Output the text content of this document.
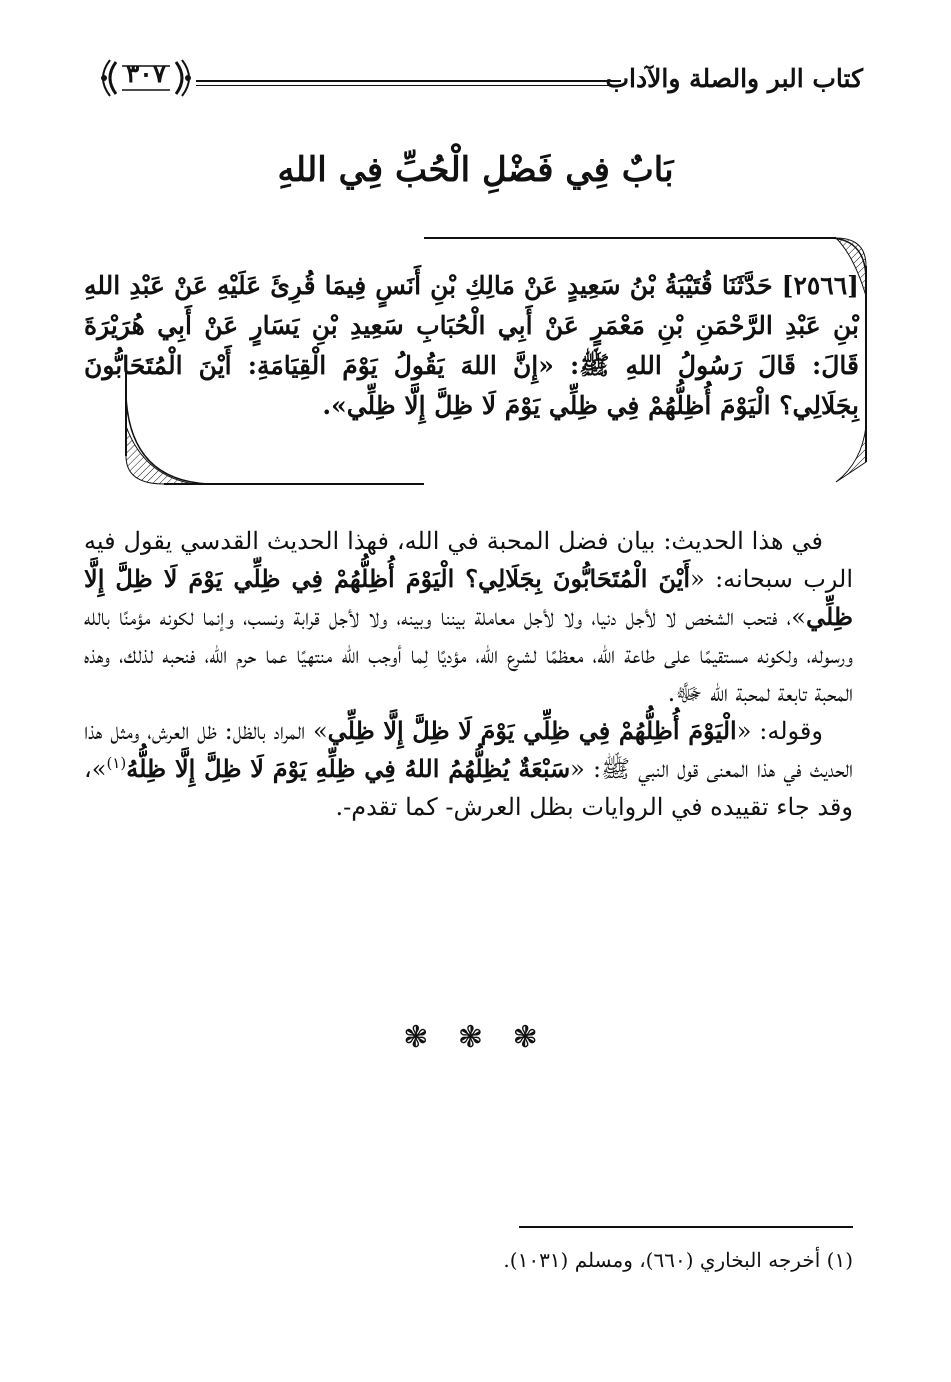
كتاب البر والصلة والآداب
٣٠٧
بَابٌ فِي فَضْلِ الْحُبِّ فِي اللهِ
[٢٥٦٦] حَدَّثَنَا قُتَيْبَةُ بْنُ سَعِيدٍ عَنْ مَالِكِ بْنِ أَنَسٍ فِيمَا قُرِئَ عَلَيْهِ عَنْ عَبْدِ اللهِ بْنِ عَبْدِ الرَّحْمَنِ بْنِ مَعْمَرٍ عَنْ أَبِي الْحُبَابِ سَعِيدِ بْنِ يَسَارٍ عَنْ أَبِي هُرَيْرَةَ قَالَ: قَالَ رَسُولُ اللهِ ﷺ: «إِنَّ اللهَ يَقُولُ يَوْمَ الْقِيَامَةِ: أَيْنَ الْمُتَحَابُّونَ بِجَلَالِي؟ الْيَوْمَ أُظِلُّهُمْ فِي ظِلِّي يَوْمَ لَا ظِلَّ إِلَّا ظِلِّي».

في هذا الحديث: بيان فضل المحبة في الله، فهذا الحديث القدسي يقول فيه الرب سبحانه: «أَيْنَ الْمُتَحَابُّونَ بِجَلَالِي؟ الْيَوْمَ أُظِلُّهُمْ فِي ظِلِّي يَوْمَ لَا ظِلَّ إِلَّا ظِلِّي»، فتحب الشخص لا لأجل دنيا، ولا لأجل معاملة بيننا وبينه، ولا لأجل قرابة ونسب، وإنما لكونه مؤمنًا بالله ورسوله، ولكونه مستقيمًا على طاعة الله، معظمًا لشرع الله، مؤديًا لِما أوجب الله منتهيًا عما حرم الله، فنحبه لذلك، وهذه المحبة تابعة لمحبة الله ﷻ.

وقوله: «الْيَوْمَ أُظِلُّهُمْ فِي ظِلِّي يَوْمَ لَا ظِلَّ إِلَّا ظِلِّي» المراد بالظل: ظل العرش، ومثل هذا الحديث في هذا المعنى قول النبي ﷺ: «سَبْعَةٌ يُظِلُّهُمُ اللهُ فِي ظِلِّهِ يَوْمَ لَا ظِلَّ إِلَّا ظِلُّهُ$^{(١)}$»، وقد جاء تقييده في الروايات بظل العرش- كما تقدم-.

❃ ❃ ❃
(١) أخرجه البخاري (٦٦٠)، ومسلم (١٠٣١).
